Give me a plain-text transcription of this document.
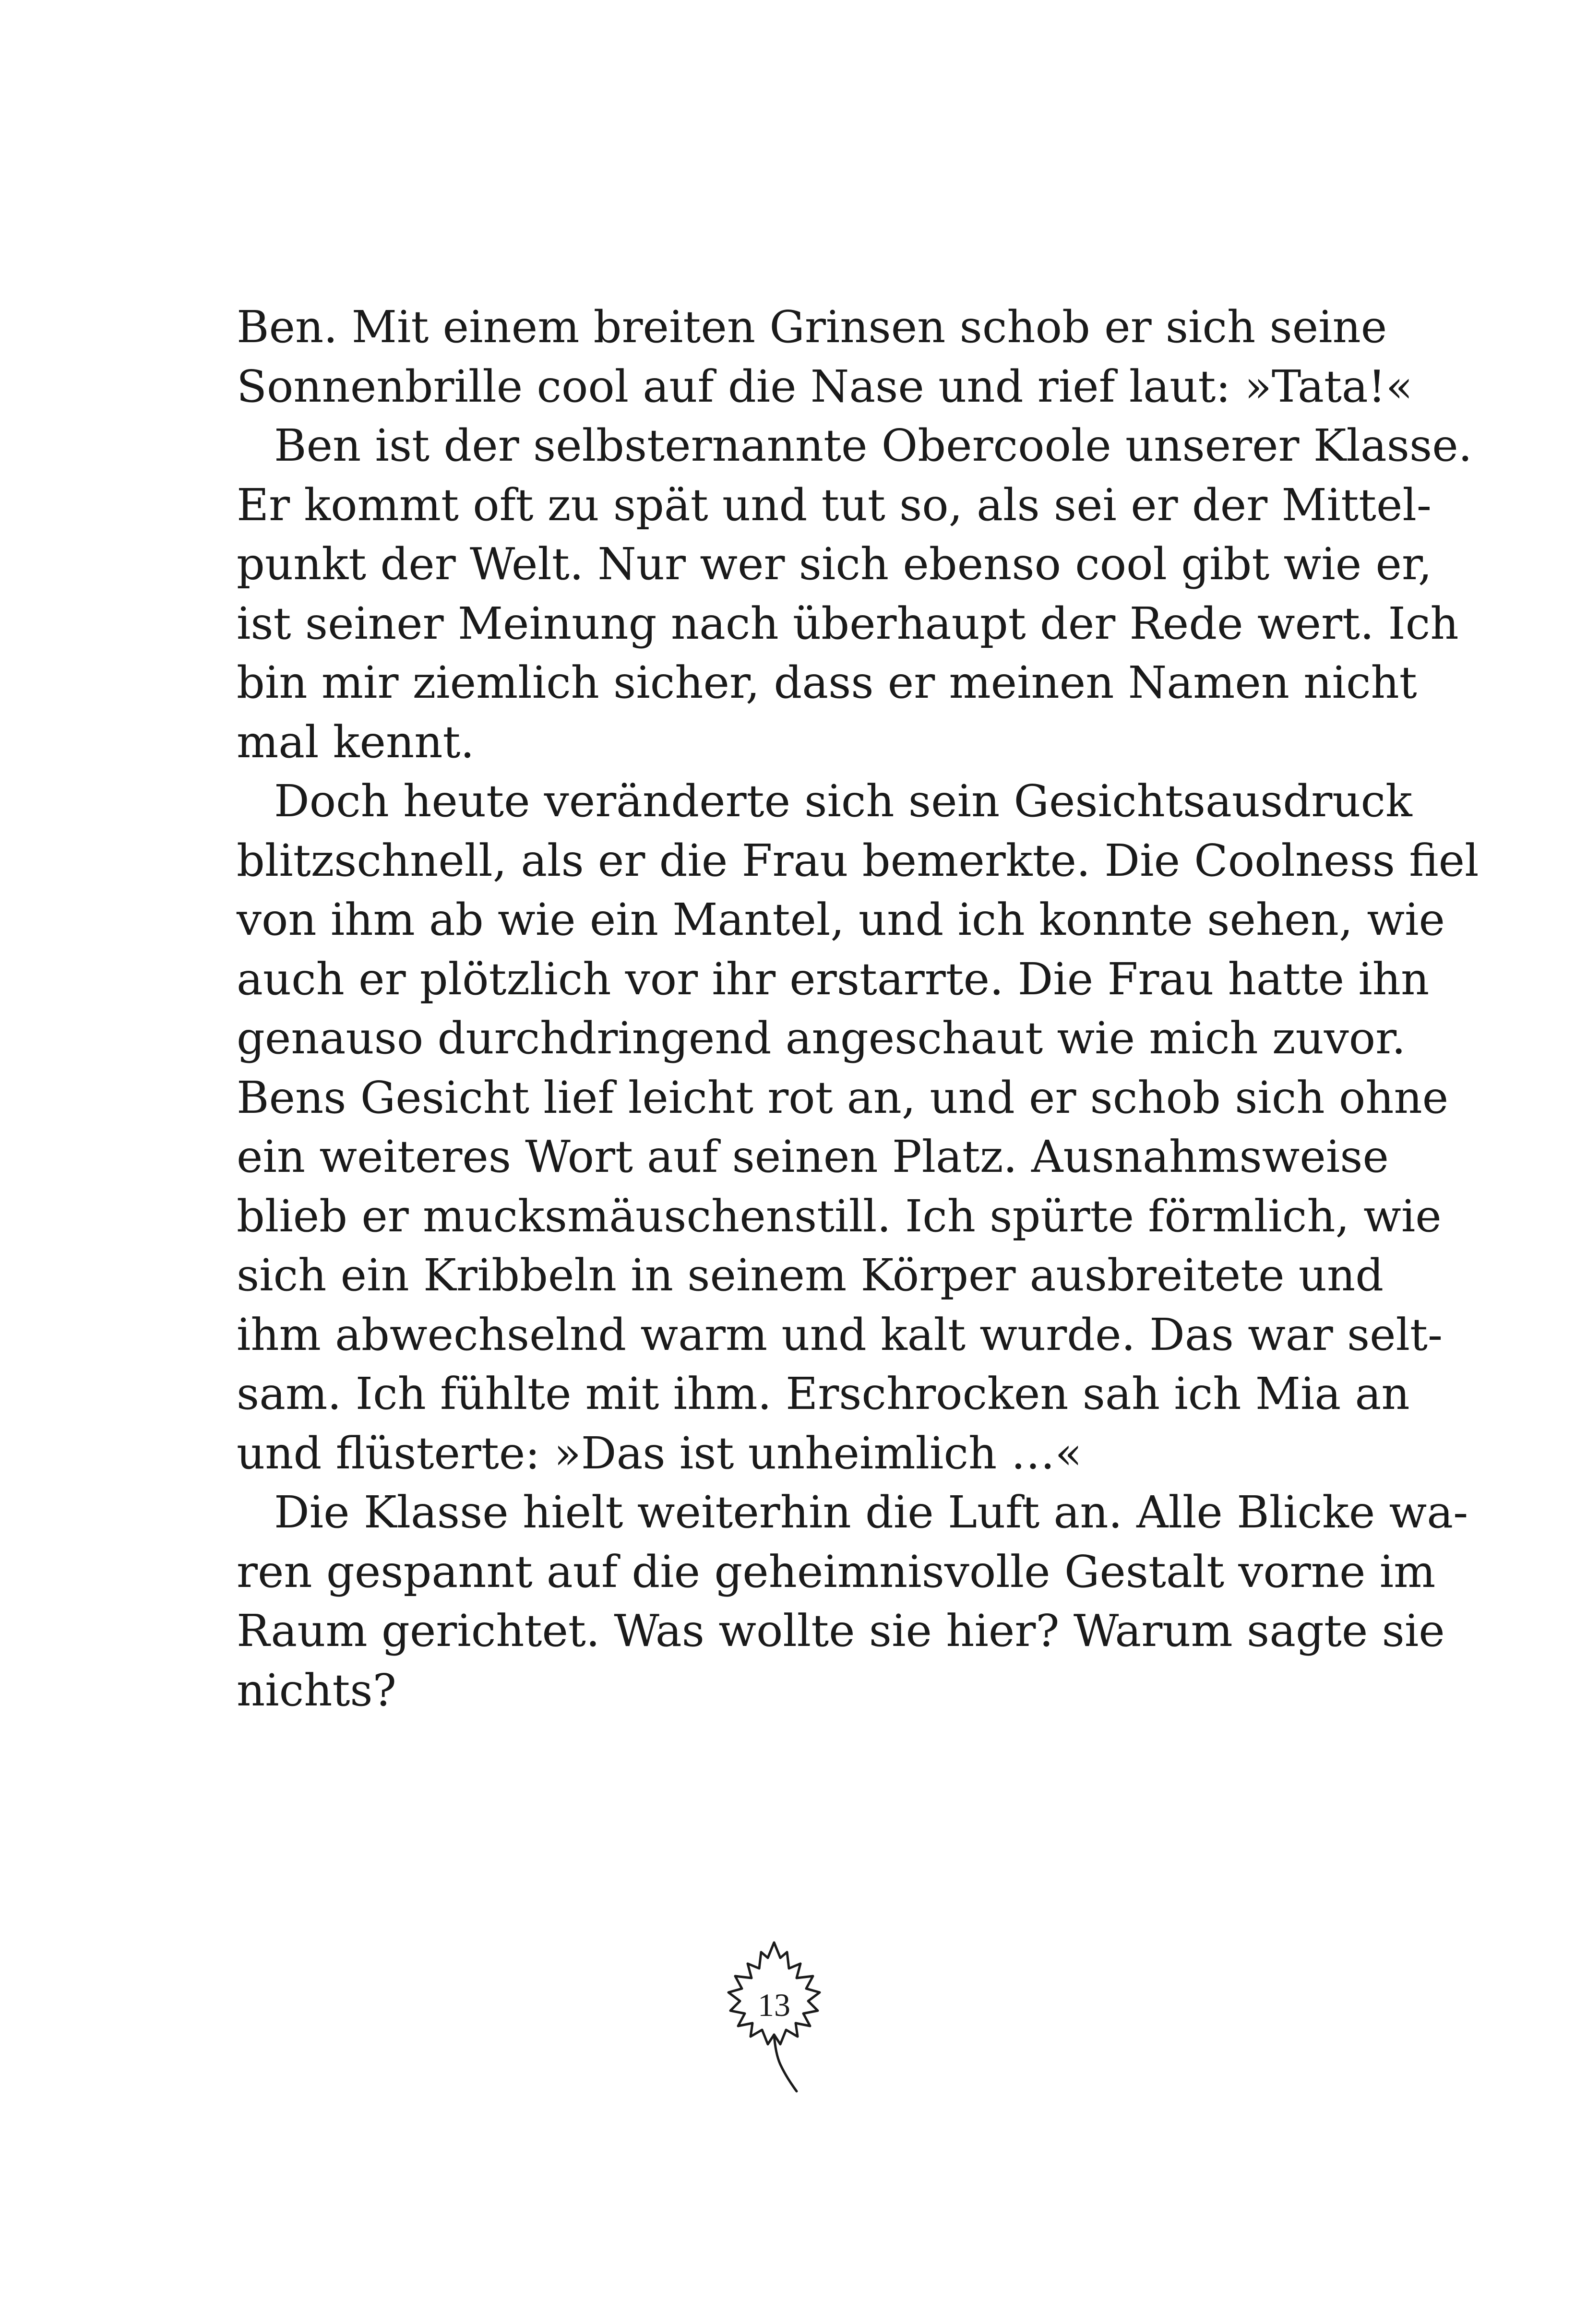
Ben. Mit einem breiten Grinsen schob er sich seine
Sonnenbrille cool auf die Nase und rief laut: »Tata!«
Ben ist der selbsternannte Obercoole unserer Klasse.
Er kommt oft zu spät und tut so, als sei er der Mittel-
punkt der Welt. Nur wer sich ebenso cool gibt wie er,
ist seiner Meinung nach überhaupt der Rede wert. Ich
bin mir ziemlich sicher, dass er meinen Namen nicht
mal kennt.
Doch heute veränderte sich sein Gesichtsausdruck
blitzschnell, als er die Frau bemerkte. Die Coolness fiel
von ihm ab wie ein Mantel, und ich konnte sehen, wie
auch er plötzlich vor ihr erstarrte. Die Frau hatte ihn
genauso durchdringend angeschaut wie mich zuvor.
Bens Gesicht lief leicht rot an, und er schob sich ohne
ein weiteres Wort auf seinen Platz. Ausnahmsweise
blieb er mucksmäuschenstill. Ich spürte förmlich, wie
sich ein Kribbeln in seinem Körper ausbreitete und
ihm abwechselnd warm und kalt wurde. Das war selt-
sam. Ich fühlte mit ihm. Erschrocken sah ich Mia an
und flüsterte: »Das ist unheimlich …«
Die Klasse hielt weiterhin die Luft an. Alle Blicke wa-
ren gespannt auf die geheimnisvolle Gestalt vorne im
Raum gerichtet. Was wollte sie hier? Warum sagte sie
nichts?
13
